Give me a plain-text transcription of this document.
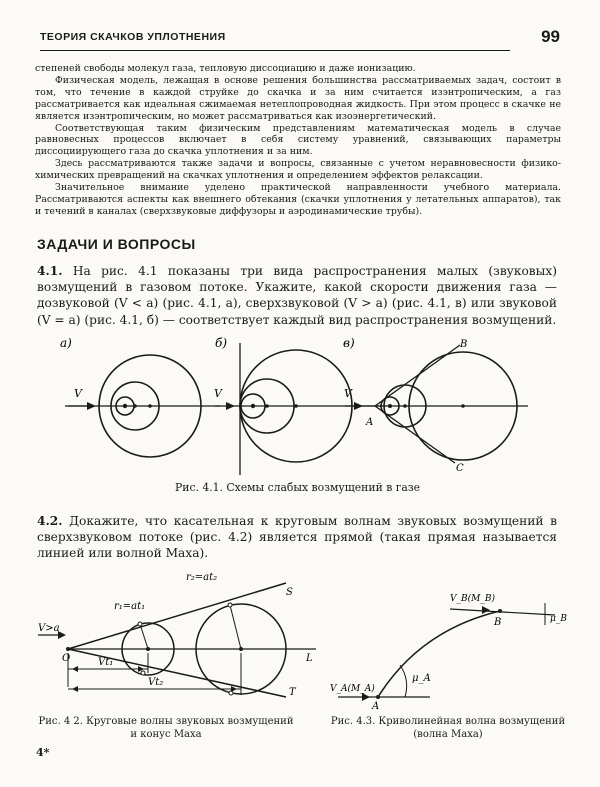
ТЕОРИЯ СКАЧКОВ УПЛОТНЕНИЯ	99

степеней свободы молекул газа, тепловую диссоциацию и даже ионизацию.

Физическая модель, лежащая в основе решения большинства рассматриваемых задач, состоит в том, что течение в каждой струйке до скачка и за ним считается изэнтропическим, а газ рассматривается как идеальная сжимаемая нетеплопроводная жидкость. При этом процесс в скачке не является изэнтропическим, но может рассматриваться как изоэнергетический.

Соответствующая таким физическим представлениям математическая модель в случае равновесных процессов включает в себя систему уравнений, связывающих параметры диссоциирующего газа до скачка уплотнения и за ним.

Здесь рассматриваются также задачи и вопросы, связанные с учетом неравновесности физико-химических превращений на скачках уплотнения и определением эффектов релаксации.

Значительное внимание уделено практической направленности учебного материала. Рассматриваются аспекты как внешнего обтекания (скачки уплотнения у летательных аппаратов), так и течений в каналах (сверхзвуковые диффузоры и аэродинамические трубы).

ЗАДАЧИ И ВОПРОСЫ

4.1. На рис. 4.1 показаны три вида распространения малых (звуковых) возмущений в газовом потоке. Укажите, какой скорости движения газа — дозвуковой (V < a) (рис. 4.1, а), сверхзвуковой (V > a) (рис. 4.1, в) или звуковой (V = a) (рис. 4.1, б) — соответствует каждый вид распространения возмущений.

а)	б)	в)
V	V	V
A
B
C
Рис. 4.1. Схемы слабых возмущений в газе

4.2. Докажите, что касательная к круговым волнам звуковых возмущений в сверхзвуковом потоке (рис. 4.2) является прямой (такая прямая называется линией или волной Маха).

V>a
r₁=at₁
r₂=at₂
S
T
L
O	Vt₁
Vt₂
Рис. 4 2. Круговые волны звуковых возмущений и конус Маха
V_A(M_A)
V_B(M_B)
μ_A
μ_B
A
B
Рис. 4.3. Криволинейная волна возмущений (волна Маха)
4*
